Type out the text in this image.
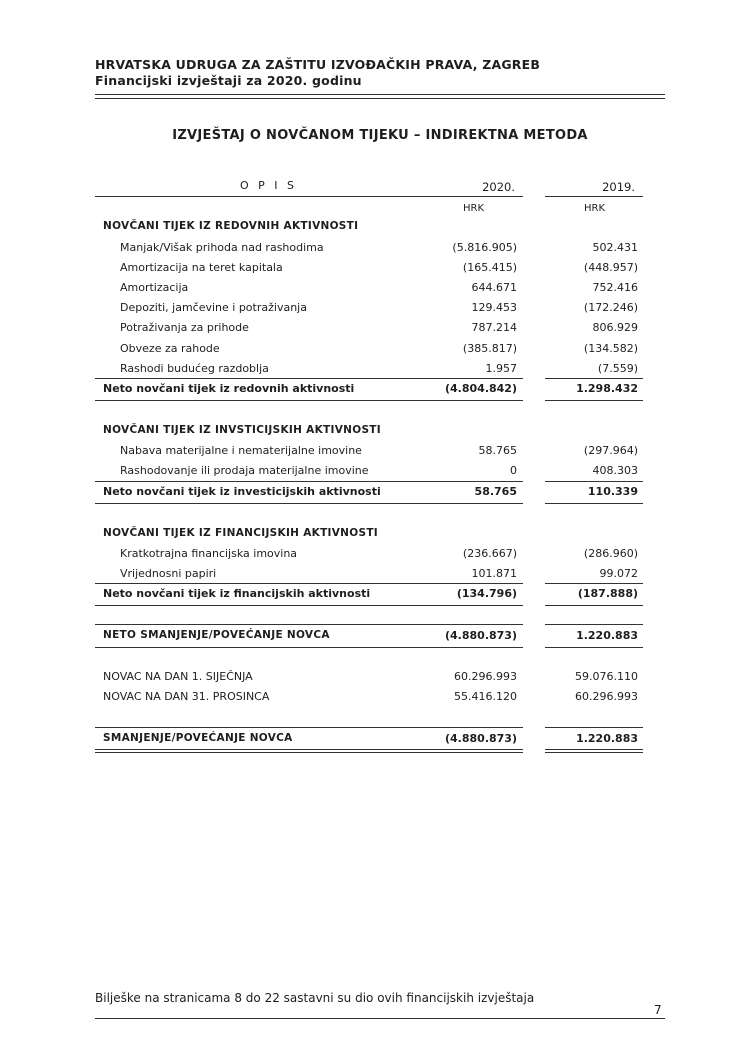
HRVATSKA UDRUGA ZA ZAŠTITU IZVOĐAČKIH PRAVA, ZAGREB
Financijski izvještaji za 2020. godinu
IZVJEŠTAJ O NOVČANOM TIJEKU – INDIREKTNA METODA
O P I S	2020.	2019.
HRK	HRK
NOVČANI TIJEK IZ REDOVNIH AKTIVNOSTI
Manjak/Višak prihoda nad rashodima	(5.816.905)	502.431
Amortizacija na teret kapitala	(165.415)	(448.957)
Amortizacija	644.671	752.416
Depoziti, jamčevine i potraživanja	129.453	(172.246)
Potraživanja za prihode	787.214	806.929
Obveze za rahode	(385.817)	(134.582)
Rashodi budućeg razdoblja	1.957	(7.559)
Neto novčani tijek iz redovnih aktivnosti	(4.804.842)	1.298.432
NOVČANI TIJEK IZ INVSTICIJSKIH AKTIVNOSTI
Nabava materijalne i nematerijalne imovine	58.765	(297.964)
Rashodovanje ili prodaja materijalne imovine	0	408.303
Neto novčani tijek iz investicijskih aktivnosti	58.765	110.339
NOVČANI TIJEK IZ FINANCIJSKIH AKTIVNOSTI
Kratkotrajna financijska imovina	(236.667)	(286.960)
Vrijednosni papiri	101.871	99.072
Neto novčani tijek iz financijskih aktivnosti	(134.796)	(187.888)
NETO SMANJENJE/POVEĆANJE NOVCA	(4.880.873)	1.220.883
NOVAC NA DAN 1. SIJEČNJA	60.296.993	59.076.110
NOVAC NA DAN 31. PROSINCA	55.416.120	60.296.993
SMANJENJE/POVEĆANJE NOVCA	(4.880.873)	1.220.883
Bilješke na stranicama 8 do 22 sastavni su dio ovih financijskih izvještaja
7
